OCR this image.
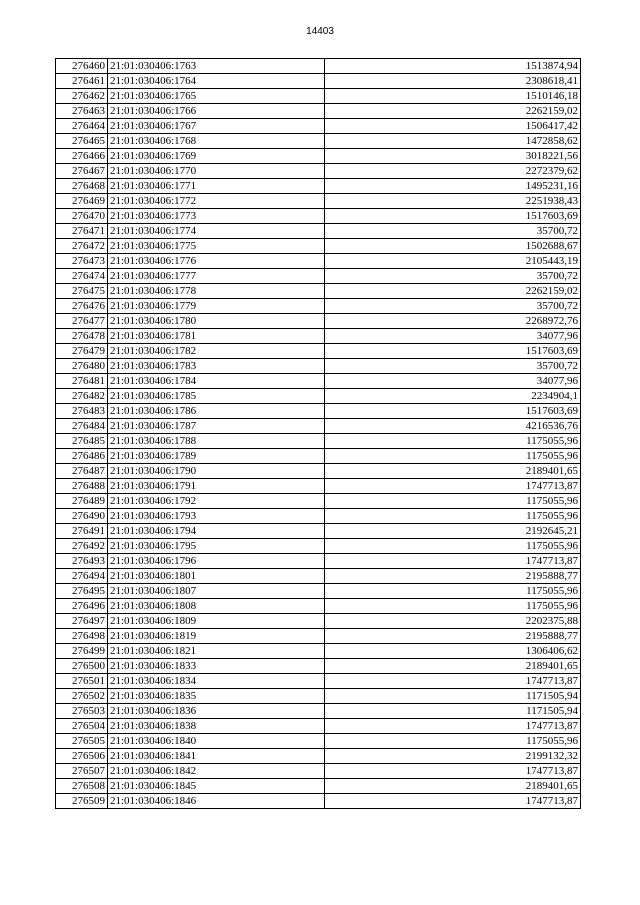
14403
276460	21:01:030406:1763	1513874,94
276461	21:01:030406:1764	2308618,41
276462	21:01:030406:1765	1510146,18
276463	21:01:030406:1766	2262159,02
276464	21:01:030406:1767	1506417,42
276465	21:01:030406:1768	1472858,62
276466	21:01:030406:1769	3018221,56
276467	21:01:030406:1770	2272379,62
276468	21:01:030406:1771	1495231,16
276469	21:01:030406:1772	2251938,43
276470	21:01:030406:1773	1517603,69
276471	21:01:030406:1774	35700,72
276472	21:01:030406:1775	1502688,67
276473	21:01:030406:1776	2105443,19
276474	21:01:030406:1777	35700,72
276475	21:01:030406:1778	2262159,02
276476	21:01:030406:1779	35700,72
276477	21:01:030406:1780	2268972,76
276478	21:01:030406:1781	34077,96
276479	21:01:030406:1782	1517603,69
276480	21:01:030406:1783	35700,72
276481	21:01:030406:1784	34077,96
276482	21:01:030406:1785	2234904,1
276483	21:01:030406:1786	1517603,69
276484	21:01:030406:1787	4216536,76
276485	21:01:030406:1788	1175055,96
276486	21:01:030406:1789	1175055,96
276487	21:01:030406:1790	2189401,65
276488	21:01:030406:1791	1747713,87
276489	21:01:030406:1792	1175055,96
276490	21:01:030406:1793	1175055,96
276491	21:01:030406:1794	2192645,21
276492	21:01:030406:1795	1175055,96
276493	21:01:030406:1796	1747713,87
276494	21:01:030406:1801	2195888,77
276495	21:01:030406:1807	1175055,96
276496	21:01:030406:1808	1175055,96
276497	21:01:030406:1809	2202375,88
276498	21:01:030406:1819	2195888,77
276499	21:01:030406:1821	1306406,62
276500	21:01:030406:1833	2189401,65
276501	21:01:030406:1834	1747713,87
276502	21:01:030406:1835	1171505,94
276503	21:01:030406:1836	1171505,94
276504	21:01:030406:1838	1747713,87
276505	21:01:030406:1840	1175055,96
276506	21:01:030406:1841	2199132,32
276507	21:01:030406:1842	1747713,87
276508	21:01:030406:1845	2189401,65
276509	21:01:030406:1846	1747713,87
